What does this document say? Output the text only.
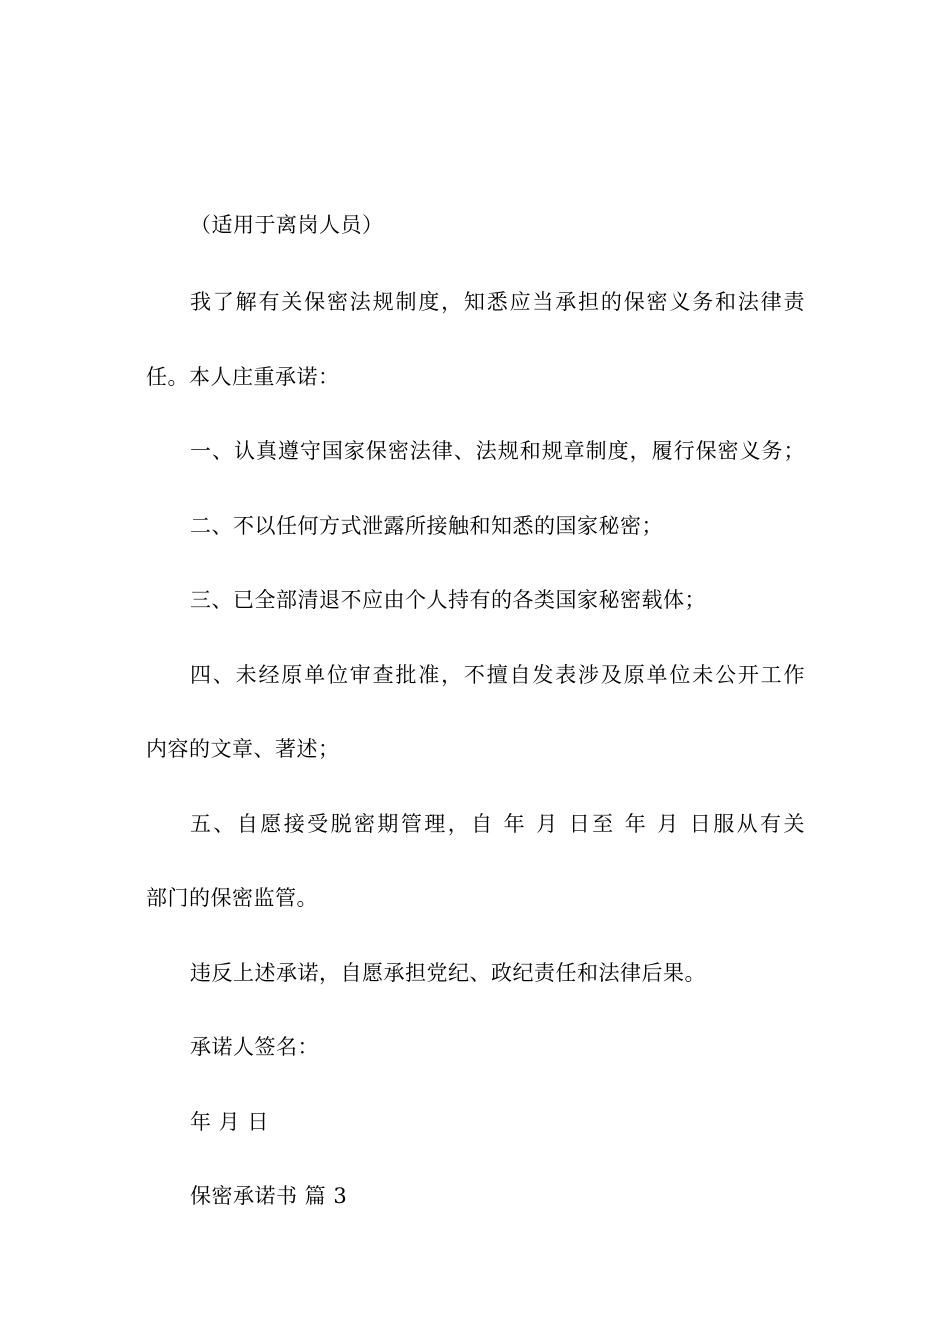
（适用于离岗人员）
我了解有关保密法规制度，知悉应当承担的保密义务和法律责
任。本人庄重承诺：
一、认真遵守国家保密法律、法规和规章制度，履行保密义务；
二、不以任何方式泄露所接触和知悉的国家秘密；
三、已全部清退不应由个人持有的各类国家秘密载体；
四、未经原单位审查批准，不擅自发表涉及原单位未公开工作
内容的文章、著述；
五、自愿接受脱密期管理，自 年 月 日至 年 月 日服从有关
部门的保密监管。
违反上述承诺，自愿承担党纪、政纪责任和法律后果。
承诺人签名：
年 月 日
保密承诺书 篇 3
